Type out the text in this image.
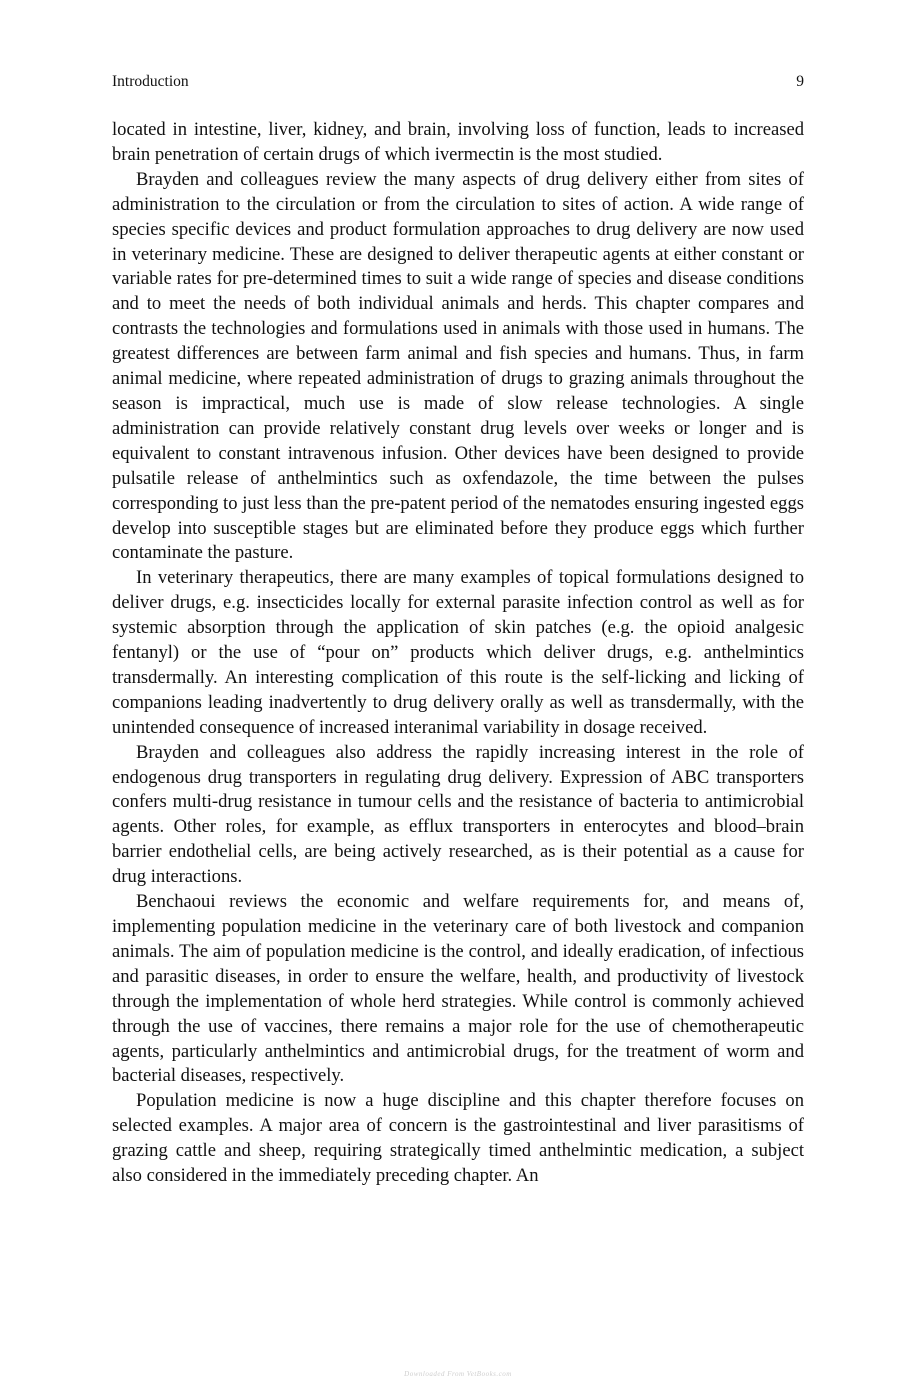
Introduction	9

located in intestine, liver, kidney, and brain, involving loss of function, leads to increased brain penetration of certain drugs of which ivermectin is the most studied.

Brayden and colleagues review the many aspects of drug delivery either from sites of administration to the circulation or from the circulation to sites of action. A wide range of species specific devices and product formulation approaches to drug delivery are now used in veterinary medicine. These are designed to deliver therapeutic agents at either constant or variable rates for pre-determined times to suit a wide range of species and disease conditions and to meet the needs of both individual animals and herds. This chapter compares and contrasts the technologies and formulations used in animals with those used in humans. The greatest differences are between farm animal and fish species and humans. Thus, in farm animal medicine, where repeated administration of drugs to grazing animals throughout the season is impractical, much use is made of slow release technologies. A single administration can provide relatively constant drug levels over weeks or longer and is equivalent to constant intravenous infusion. Other devices have been designed to provide pulsatile release of anthelmintics such as oxfendazole, the time between the pulses corresponding to just less than the pre-patent period of the nematodes ensuring ingested eggs develop into susceptible stages but are eliminated before they produce eggs which further contaminate the pasture.

In veterinary therapeutics, there are many examples of topical formulations designed to deliver drugs, e.g. insecticides locally for external parasite infection control as well as for systemic absorption through the application of skin patches (e.g. the opioid analgesic fentanyl) or the use of “pour on” products which deliver drugs, e.g. anthelmintics transdermally. An interesting complication of this route is the self-licking and licking of companions leading inadvertently to drug delivery orally as well as transdermally, with the unintended consequence of increased interanimal variability in dosage received.

Brayden and colleagues also address the rapidly increasing interest in the role of endogenous drug transporters in regulating drug delivery. Expression of ABC transporters confers multi-drug resistance in tumour cells and the resistance of bacteria to antimicrobial agents. Other roles, for example, as efflux transporters in enterocytes and blood–brain barrier endothelial cells, are being actively researched, as is their potential as a cause for drug interactions.

Benchaoui reviews the economic and welfare requirements for, and means of, implementing population medicine in the veterinary care of both livestock and companion animals. The aim of population medicine is the control, and ideally eradication, of infectious and parasitic diseases, in order to ensure the welfare, health, and productivity of livestock through the implementation of whole herd strategies. While control is commonly achieved through the use of vaccines, there remains a major role for the use of chemotherapeutic agents, particularly anthelmintics and antimicrobial drugs, for the treatment of worm and bacterial diseases, respectively.

Population medicine is now a huge discipline and this chapter therefore focuses on selected examples. A major area of concern is the gastrointestinal and liver parasitisms of grazing cattle and sheep, requiring strategically timed anthelmintic medication, a subject also considered in the immediately preceding chapter. An

Downloaded From VetBooks.com
